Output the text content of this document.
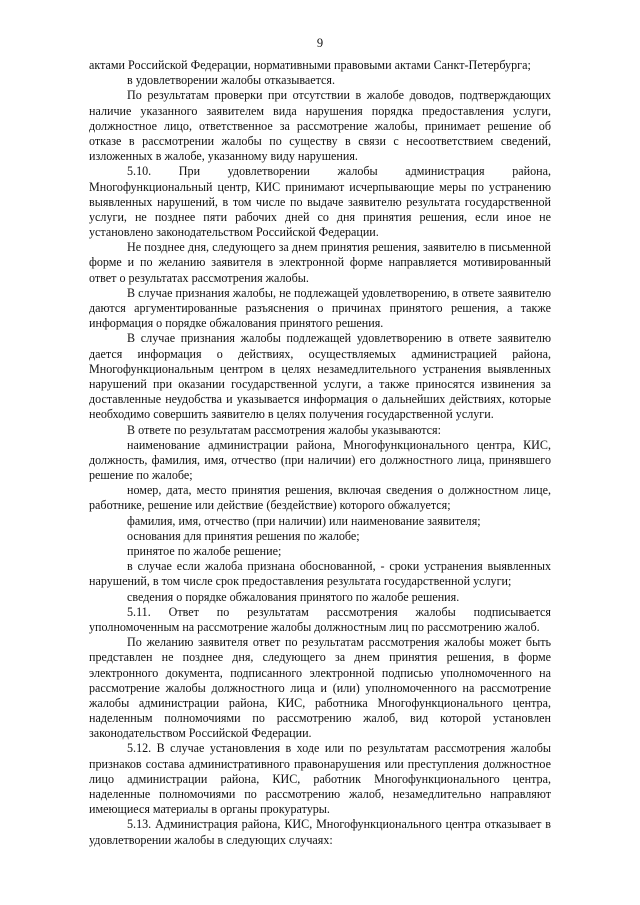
9

актами Российской Федерации, нормативными правовыми актами Санкт-Петербурга;

в удовлетворении жалобы отказывается.

По результатам проверки при отсутствии в жалобе доводов, подтверждающих наличие указанного заявителем вида нарушения порядка предоставления услуги, должностное лицо, ответственное за рассмотрение жалобы, принимает решение об отказе в рассмотрении жалобы по существу в связи с несоответствием сведений, изложенных в жалобе, указанному виду нарушения.

5.10. При удовлетворении жалобы администрация района, Многофункциональный центр, КИС принимают исчерпывающие меры по устранению выявленных нарушений, в том числе по выдаче заявителю результата государственной услуги, не позднее пяти рабочих дней со дня принятия решения, если иное не установлено законодательством Российской Федерации.

Не позднее дня, следующего за днем принятия решения, заявителю в письменной форме и по желанию заявителя в электронной форме направляется мотивированный ответ о результатах рассмотрения жалобы.

В случае признания жалобы, не подлежащей удовлетворению, в ответе заявителю даются аргументированные разъяснения о причинах принятого решения, а также информация о порядке обжалования принятого решения.

В случае признания жалобы подлежащей удовлетворению в ответе заявителю дается информация о действиях, осуществляемых администрацией района, Многофункциональным центром в целях незамедлительного устранения выявленных нарушений при оказании государственной услуги, а также приносятся извинения за доставленные неудобства и указывается информация о дальнейших действиях, которые необходимо совершить заявителю в целях получения государственной услуги.

В ответе по результатам рассмотрения жалобы указываются:

наименование администрации района, Многофункционального центра, КИС, должность, фамилия, имя, отчество (при наличии) его должностного лица, принявшего решение по жалобе;

номер, дата, место принятия решения, включая сведения о должностном лице, работнике, решение или действие (бездействие) которого обжалуется;

фамилия, имя, отчество (при наличии) или наименование заявителя;

основания для принятия решения по жалобе;

принятое по жалобе решение;

в случае если жалоба признана обоснованной, - сроки устранения выявленных нарушений, в том числе срок предоставления результата государственной услуги;

сведения о порядке обжалования принятого по жалобе решения.

5.11. Ответ по результатам рассмотрения жалобы подписывается уполномоченным на рассмотрение жалобы должностным лиц по рассмотрению жалоб.

По желанию заявителя ответ по результатам рассмотрения жалобы может быть представлен не позднее дня, следующего за днем принятия решения, в форме электронного документа, подписанного электронной подписью уполномоченного на рассмотрение жалобы должностного лица и (или) уполномоченного на рассмотрение жалобы администрации района, КИС, работника Многофункционального центра, наделенным полномочиями по рассмотрению жалоб, вид которой установлен законодательством Российской Федерации.

5.12. В случае установления в ходе или по результатам рассмотрения жалобы признаков состава административного правонарушения или преступления должностное лицо администрации района, КИС, работник Многофункционального центра, наделенные полномочиями по рассмотрению жалоб, незамедлительно направляют имеющиеся материалы в органы прокуратуры.

5.13. Администрация района, КИС, Многофункционального центра отказывает в удовлетворении жалобы в следующих случаях:
